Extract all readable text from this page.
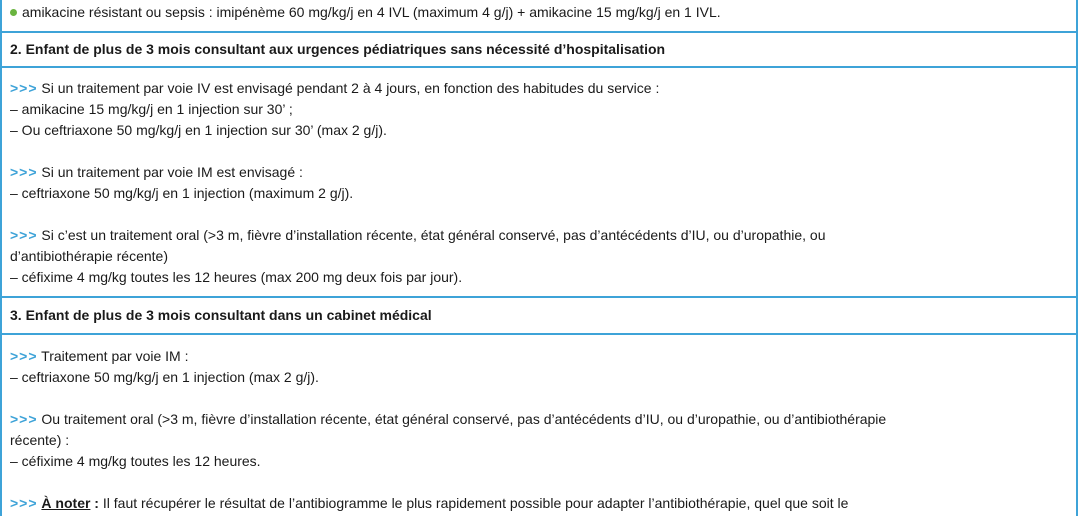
amikacine résistant ou sepsis : imipénème 60 mg/kg/j en 4 IVL (maximum 4 g/j) + amikacine 15 mg/kg/j en 1 IVL.
2. Enfant de plus de 3 mois consultant aux urgences pédiatriques sans nécessité d’hospitalisation
>>> Si un traitement par voie IV est envisagé pendant 2 à 4 jours, en fonction des habitudes du service :
– amikacine 15 mg/kg/j en 1 injection sur 30’ ;
– Ou ceftriaxone 50 mg/kg/j en 1 injection sur 30’ (max 2 g/j).
>>> Si un traitement par voie IM est envisagé :
– ceftriaxone 50 mg/kg/j en 1 injection (maximum 2 g/j).
>>> Si c’est un traitement oral (>3 m, fièvre d’installation récente, état général conservé, pas d’antécédents d’IU, ou d’uropathie, ou
d’antibiothérapie récente)
– céfixime 4 mg/kg toutes les 12 heures (max 200 mg deux fois par jour).
3. Enfant de plus de 3 mois consultant dans un cabinet médical
>>> Traitement par voie IM :
– ceftriaxone 50 mg/kg/j en 1 injection (max 2 g/j).
>>> Ou traitement oral (>3 m, fièvre d’installation récente, état général conservé, pas d’antécédents d’IU, ou d’uropathie, ou d’antibiothérapie
récente) :
– céfixime 4 mg/kg toutes les 12 heures.
>>> À noter : Il faut récupérer le résultat de l’antibiogramme le plus rapidement possible pour adapter l’antibiothérapie, quel que soit le
